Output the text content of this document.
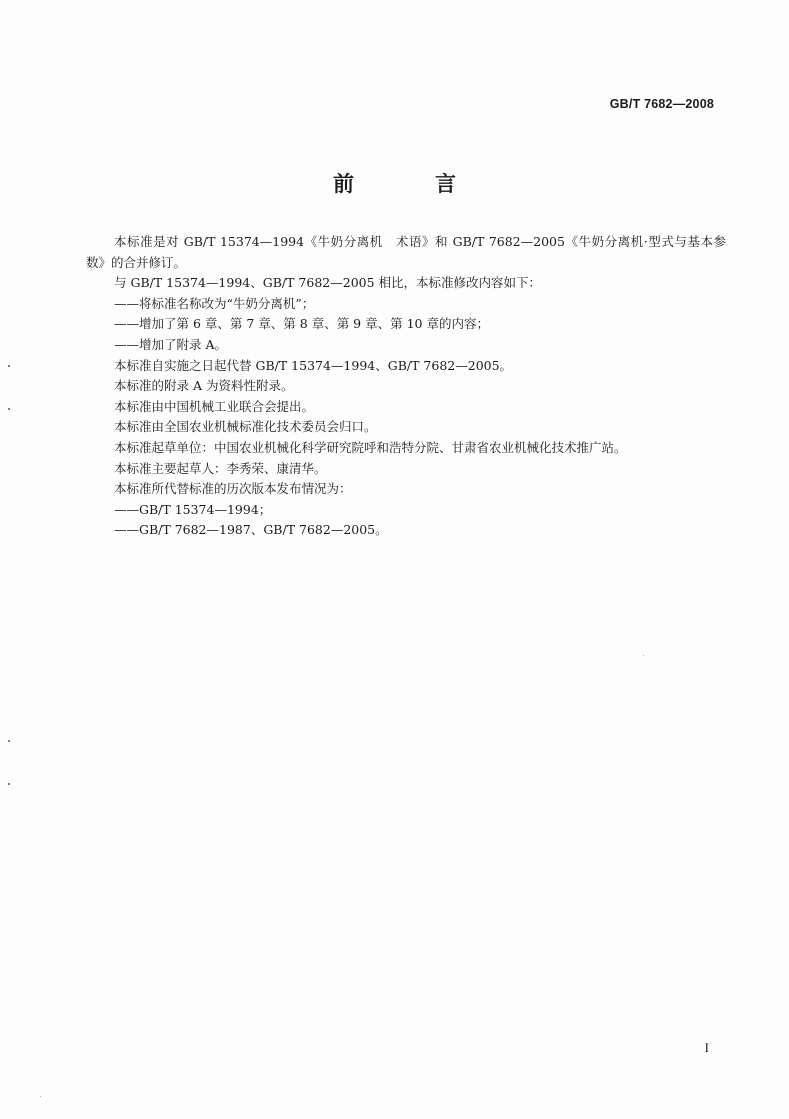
GB/T 7682—2008
前　言

本标准是对 GB/T 15374—1994《牛奶分离机　术语》和 GB/T 7682—2005《牛奶分离机·型式与基本参数》的合并修订。

与 GB/T 15374—1994、GB/T 7682—2005 相比，本标准修改内容如下：

——将标准名称改为“牛奶分离机”；

——增加了第 6 章、第 7 章、第 8 章、第 9 章、第 10 章的内容；

——增加了附录 A。

本标准自实施之日起代替 GB/T 15374—1994、GB/T 7682—2005。

本标准的附录 A 为资料性附录。

本标准由中国机械工业联合会提出。

本标准由全国农业机械标准化技术委员会归口。

本标准起草单位：中国农业机械化科学研究院呼和浩特分院、甘肃省农业机械化技术推广站。

本标准主要起草人：李秀荣、康清华。

本标准所代替标准的历次版本发布情况为：

——GB/T 15374—1994；

——GB/T 7682—1987、GB/T 7682—2005。

I
